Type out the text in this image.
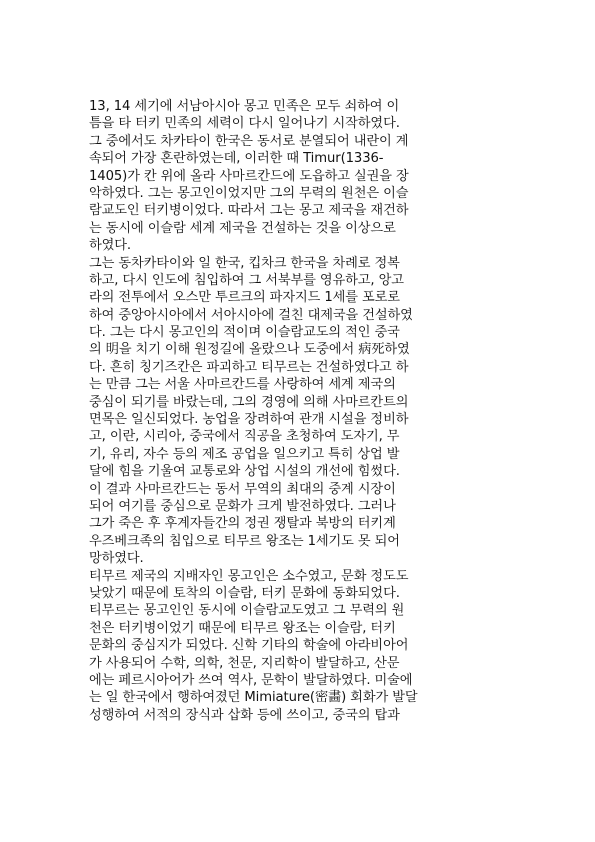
13, 14 세기에 서남아시아 몽고 민족은 모두 쇠하여 이
틈을 타 터키 민족의 세력이 다시 일어나기 시작하였다.
그 중에서도 차카타이 한국은 동서로 분열되어 내란이 계
속되어 가장 혼란하였는데, 이러한 때 Timur(1336-
1405)가 칸 위에 올라 사마르칸드에 도읍하고 실권을 장
악하였다. 그는 몽고인이었지만 그의 무력의 원천은 이슬
람교도인 터키병이었다. 따라서 그는 몽고 제국을 재건하
는 동시에 이슬람 세계 제국을 건설하는 것을 이상으로
하였다.
그는 동차카타이와 일 한국, 킵차크 한국을 차례로 정복
하고, 다시 인도에 침입하여 그 서북부를 영유하고, 앙고
라의 전투에서 오스만 투르크의 파자지드 1세를 포로로
하여 중앙아시아에서 서아시아에 걸친 대제국을 건설하였
다. 그는 다시 몽고인의 적이며 이슬람교도의 적인 중국
의 明을 치기 이해 원정길에 올랐으나 도중에서 病死하였
다. 흔히 칭기즈칸은 파괴하고 티무르는 건설하였다고 하
는 만큼 그는 서울 사마르칸드를 사랑하여 세계 제국의
중심이 되기를 바랐는데, 그의 경영에 의해 사마르칸트의
면목은 일신되었다. 농업을 장려하여 관개 시설을 정비하
고, 이란, 시리아, 중국에서 직공을 초청하여 도자기, 무
기, 유리, 자수 등의 제조 공업을 일으키고 특히 상업 발
달에 힘을 기울여 교통로와 상업 시설의 개선에 힘썼다.
이 결과 사마르칸드는 동서 무역의 최대의 중계 시장이
되어 여기를 중심으로 문화가 크게 발전하였다. 그러나
그가 죽은 후 후계자들간의 정권 쟁탈과 북방의 터키계
우즈베크족의 침입으로 티무르 왕조는 1세기도 못 되어
망하였다.
티무르 제국의 지배자인 몽고인은 소수였고, 문화 정도도
낮았기 때문에 토착의 이슬람, 터키 문화에 동화되었다.
티무르는 몽고인인 동시에 이슬람교도였고 그 무력의 원
천은 터키병이었기 때문에 티무르 왕조는 이슬람, 터키
문화의 중심지가 되었다. 신학 기타의 학술에 아라비아어
가 사용되어 수학, 의학, 천문, 지리학이 발달하고, 산문
에는 페르시아어가 쓰여 역사, 문학이 발달하였다. 미술에
는 일 한국에서 행하여졌던 Mimiature(密畵) 회화가 발달
성행하여 서적의 장식과 삽화 등에 쓰이고, 중국의 탑과
